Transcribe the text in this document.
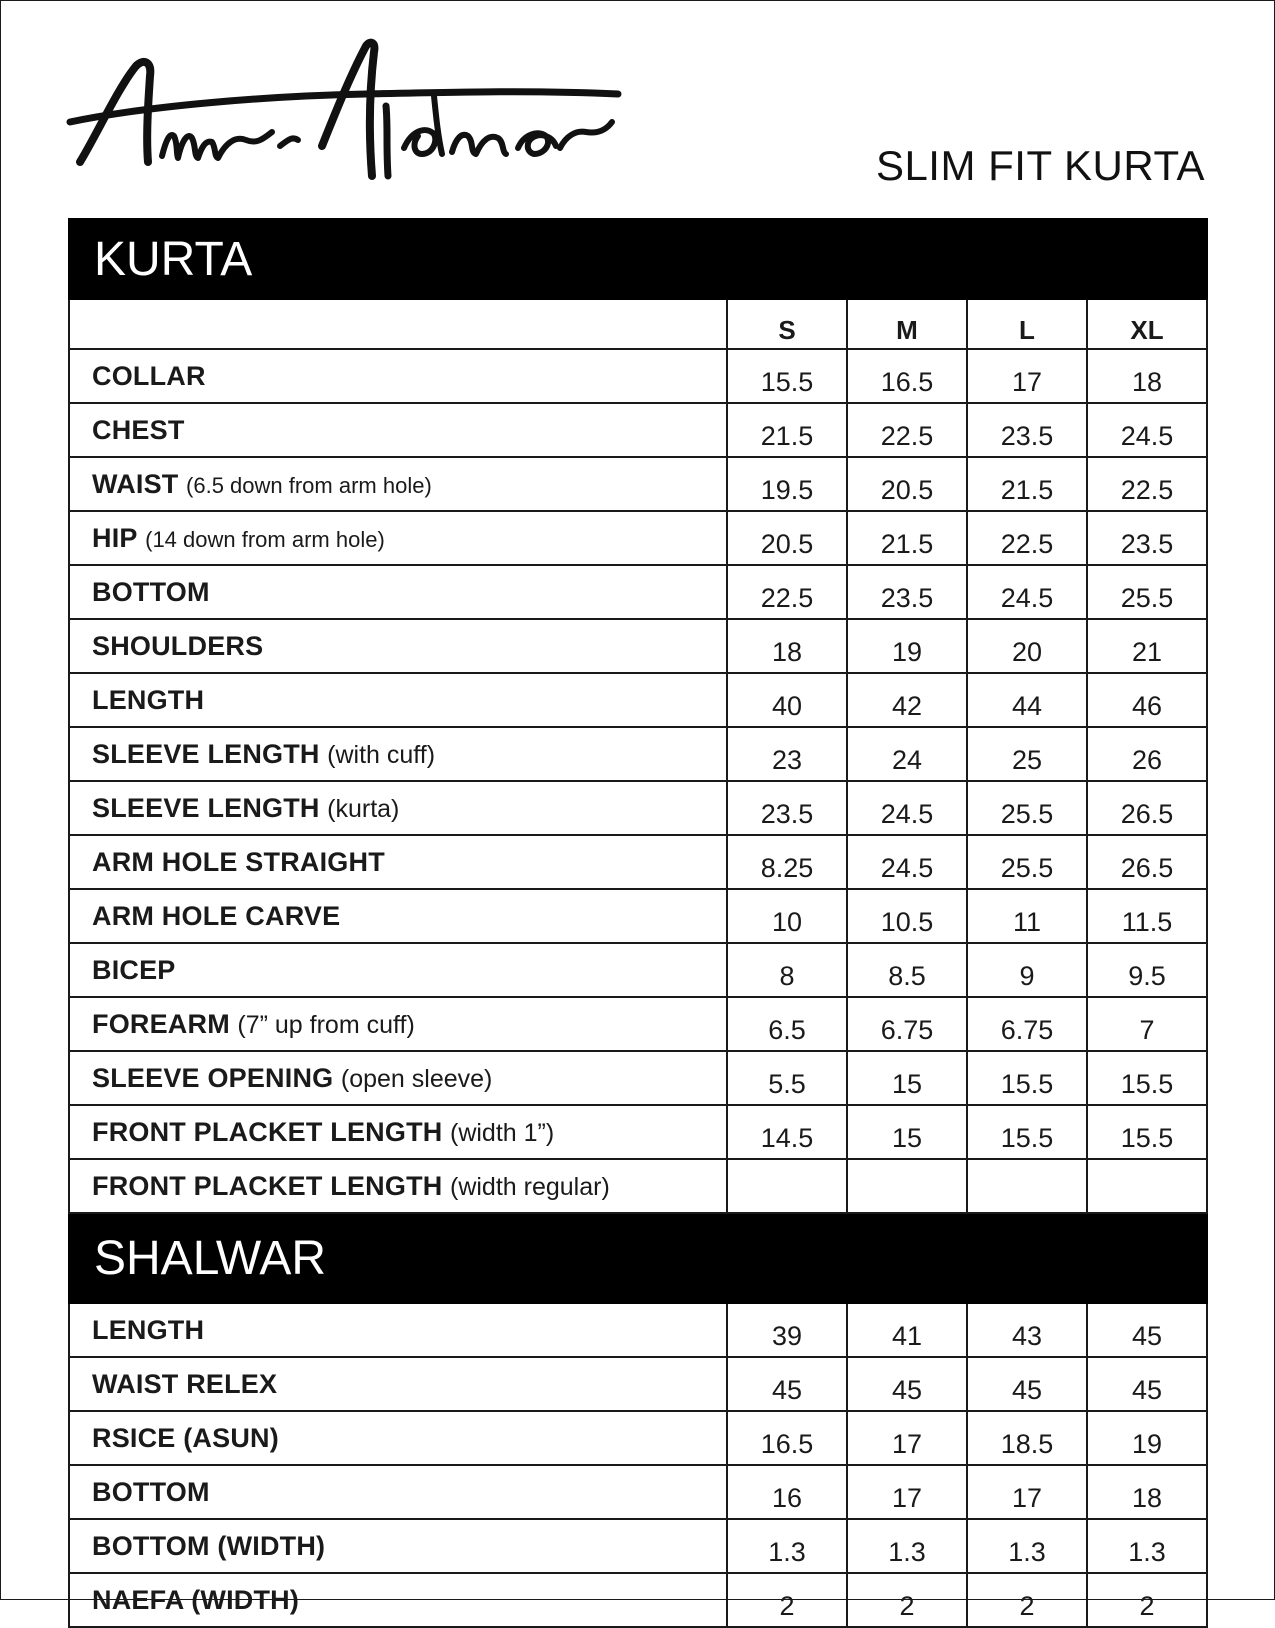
SLIM FIT KURTA
KURTA				
	S	M	L	XL
COLLAR	15.5	16.5	17	18
CHEST	21.5	22.5	23.5	24.5
WAIST (6.5 down from arm hole)	19.5	20.5	21.5	22.5
HIP (14 down from arm hole)	20.5	21.5	22.5	23.5
BOTTOM	22.5	23.5	24.5	25.5
SHOULDERS	18	19	20	21
LENGTH	40	42	44	46
SLEEVE LENGTH (with cuff)	23	24	25	26
SLEEVE LENGTH (kurta)	23.5	24.5	25.5	26.5
ARM HOLE STRAIGHT	8.25	24.5	25.5	26.5
ARM HOLE CARVE	10	10.5	11	11.5
BICEP	8	8.5	9	9.5
FOREARM (7” up from cuff)	6.5	6.75	6.75	7
SLEEVE OPENING (open sleeve)	5.5	15	15.5	15.5
FRONT PLACKET LENGTH (width 1”)	14.5	15	15.5	15.5
FRONT PLACKET LENGTH (width regular)				
SHALWAR				
LENGTH	39	41	43	45
WAIST RELEX	45	45	45	45
RSICE (ASUN)	16.5	17	18.5	19
BOTTOM	16	17	17	18
BOTTOM (WIDTH)	1.3	1.3	1.3	1.3
NAEFA (WIDTH)	2	2	2	2
